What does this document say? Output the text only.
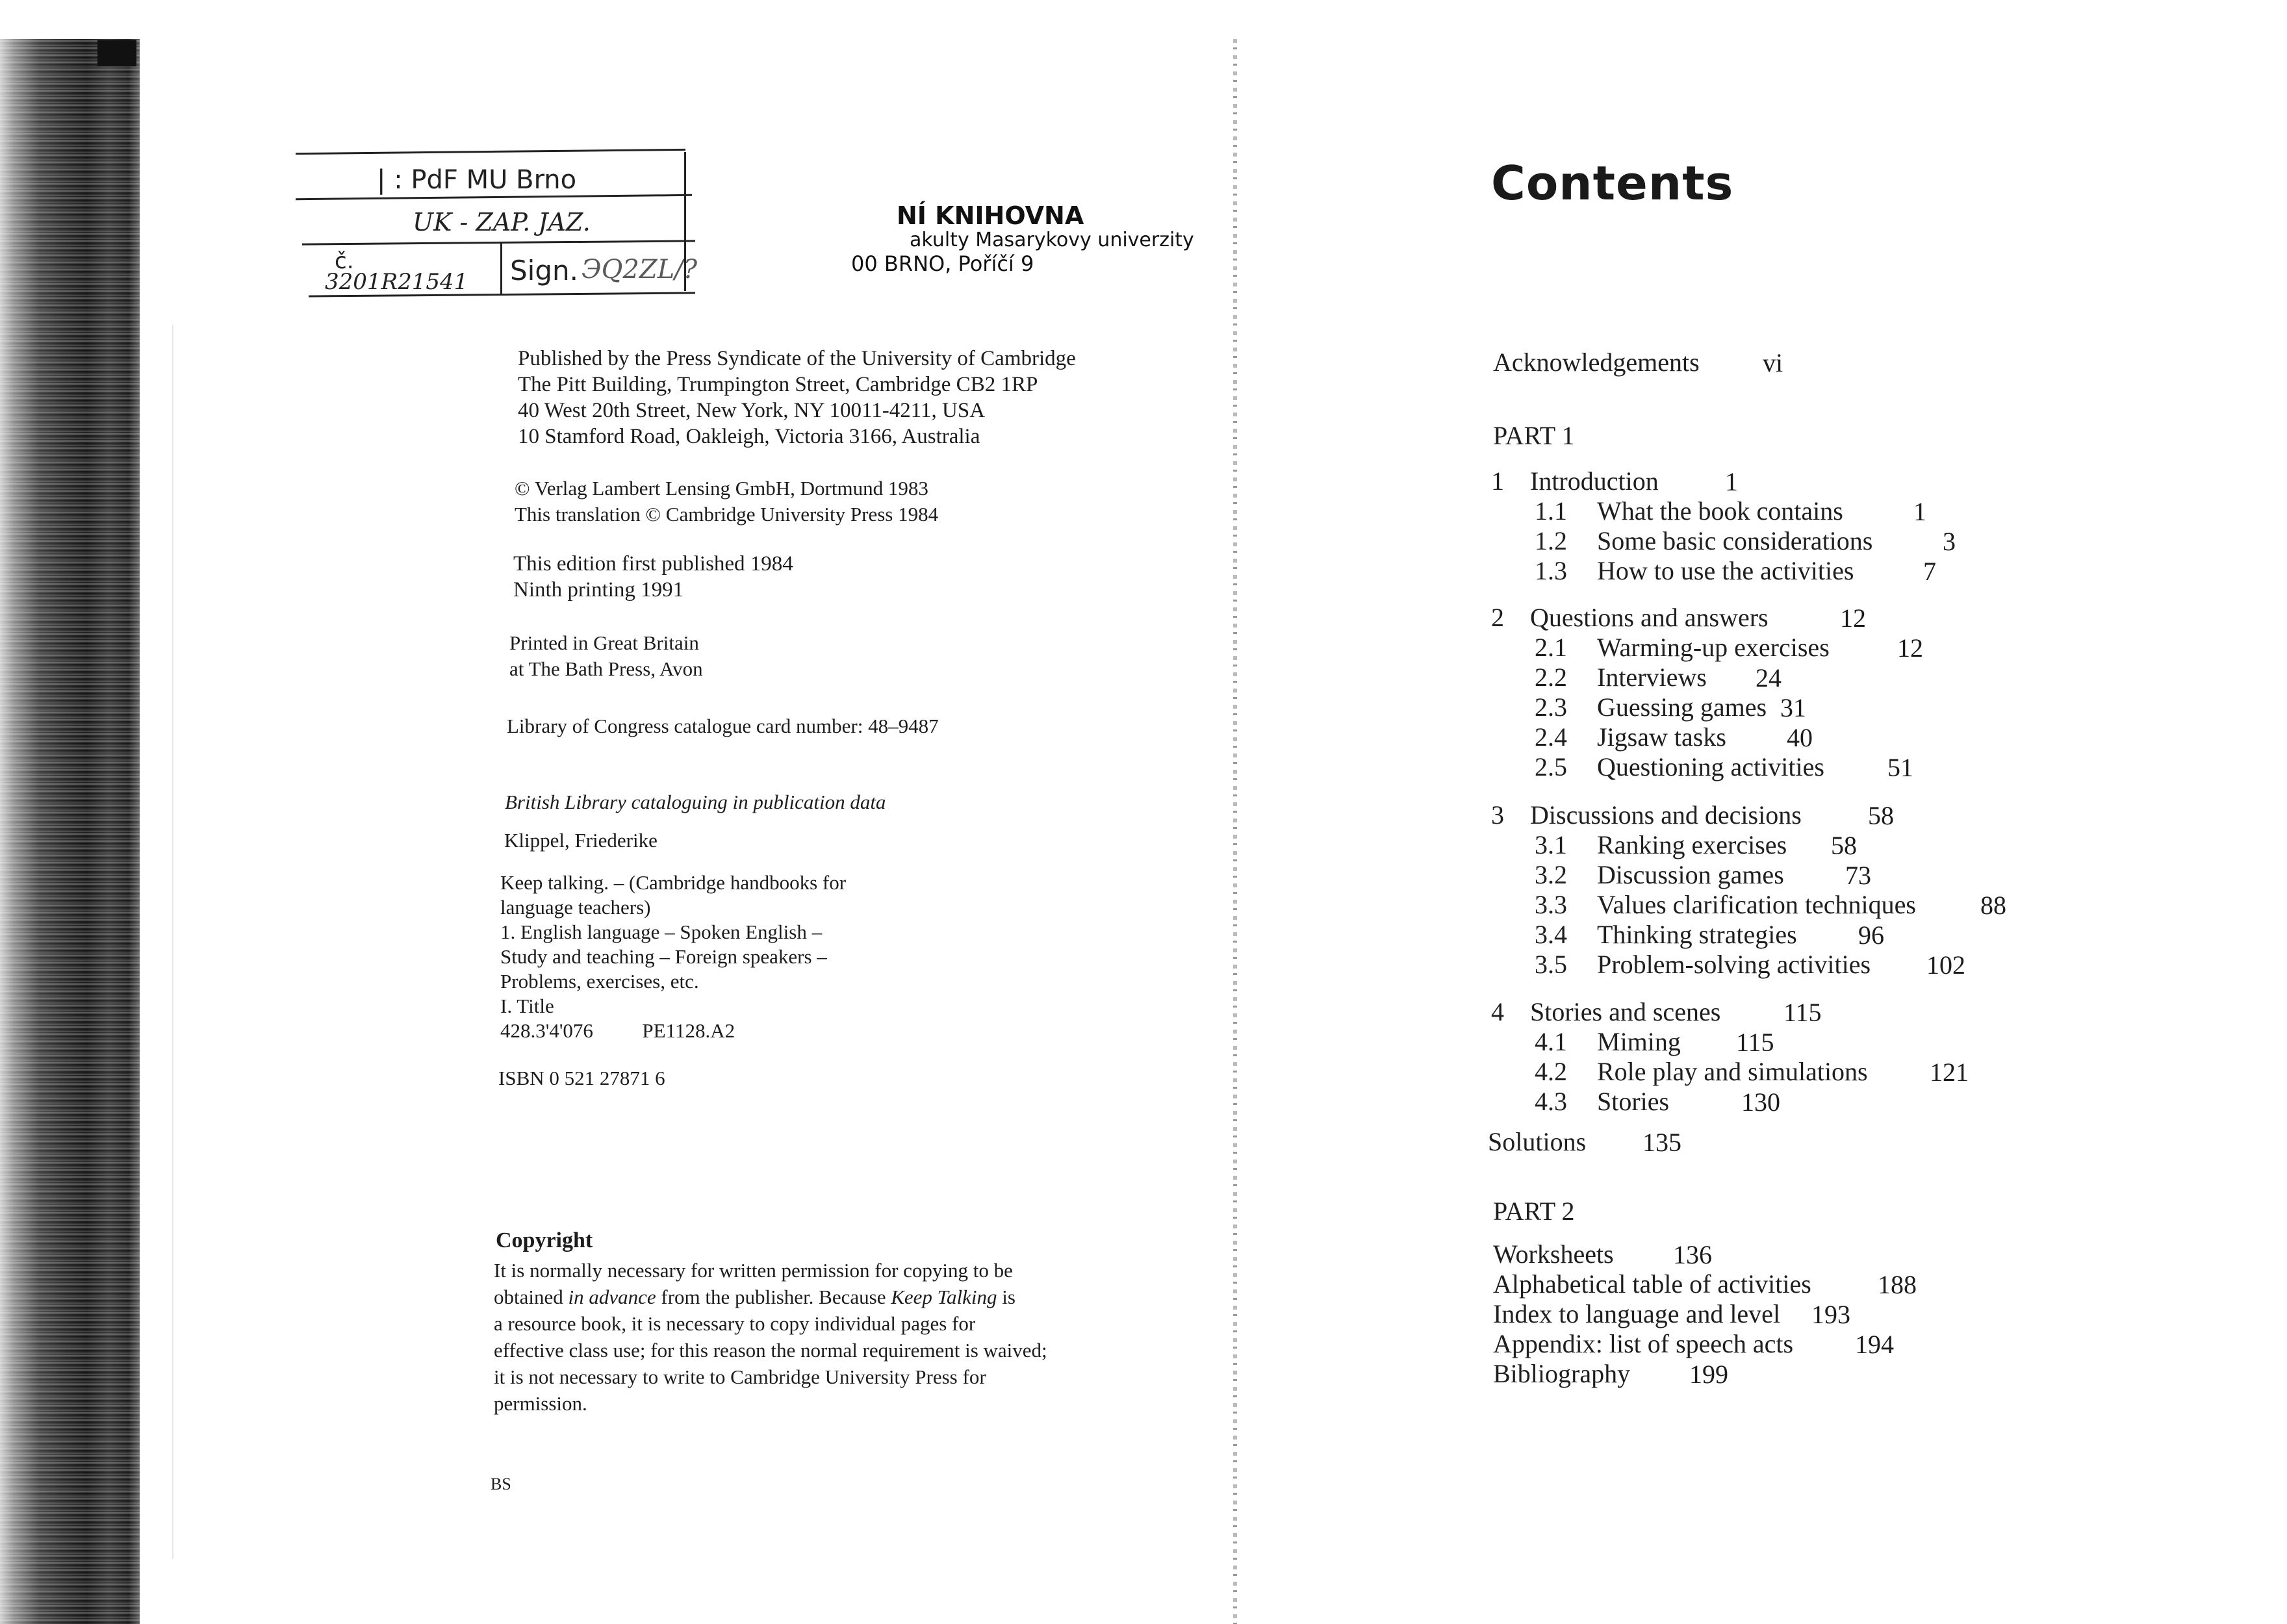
| : PdF MU Brno
UK - ZAP. JAZ.
č.
3201R21541 Sign. ЭQ2ZL/?
NÍ KNIHOVNA
akulty Masarykovy univerzity
00 BRNO, Poříčí 9
Published by the Press Syndicate of the University of Cambridge
The Pitt Building, Trumpington Street, Cambridge CB2 1RP
40 West 20th Street, New York, NY 10011-4211, USA
10 Stamford Road, Oakleigh, Victoria 3166, Australia
© Verlag Lambert Lensing GmbH, Dortmund 1983
This translation © Cambridge University Press 1984
This edition first published 1984
Ninth printing 1991
Printed in Great Britain
at The Bath Press, Avon
Library of Congress catalogue card number: 48–9487
British Library cataloguing in publication data
Klippel, Friederike
Keep talking. – (Cambridge handbooks for
language teachers)
1. English language – Spoken English –
Study and teaching – Foreign speakers –
Problems, exercises, etc.
I. Title
428.3'4'076 PE1128.A2
ISBN 0 521 27871 6
Copyright
It is normally necessary for written permission for copying to be
obtained in advance from the publisher. Because Keep Talking is
a resource book, it is necessary to copy individual pages for
effective class use; for this reason the normal requirement is waived;
it is not necessary to write to Cambridge University Press for
permission.
BS
Contents
Acknowledgements vi
PART 1
1 Introduction	1
1.1 What the book contains	1
1.2 Some basic considerations	3
1.3 How to use the activities	7
2 Questions and answers	12
2.1 Warming-up exercises	12
2.2 Interviews 24
2.3 Guessing games 31
2.4 Jigsaw tasks 40
2.5 Questioning activities 51
3 Discussions and decisions	58
3.1 Ranking exercises 58
3.2 Discussion games 73
3.3 Values clarification techniques 88
3.4 Thinking strategies 96
3.5 Problem-solving activities 102
4 Stories and scenes 115
4.1 Miming 115
4.2 Role play and simulations 121
4.3 Stories	130
Solutions 135
PART 2
Worksheets 136
Alphabetical table of activities	188
Index to language and level 193
Appendix: list of speech acts 194
Bibliography 199
